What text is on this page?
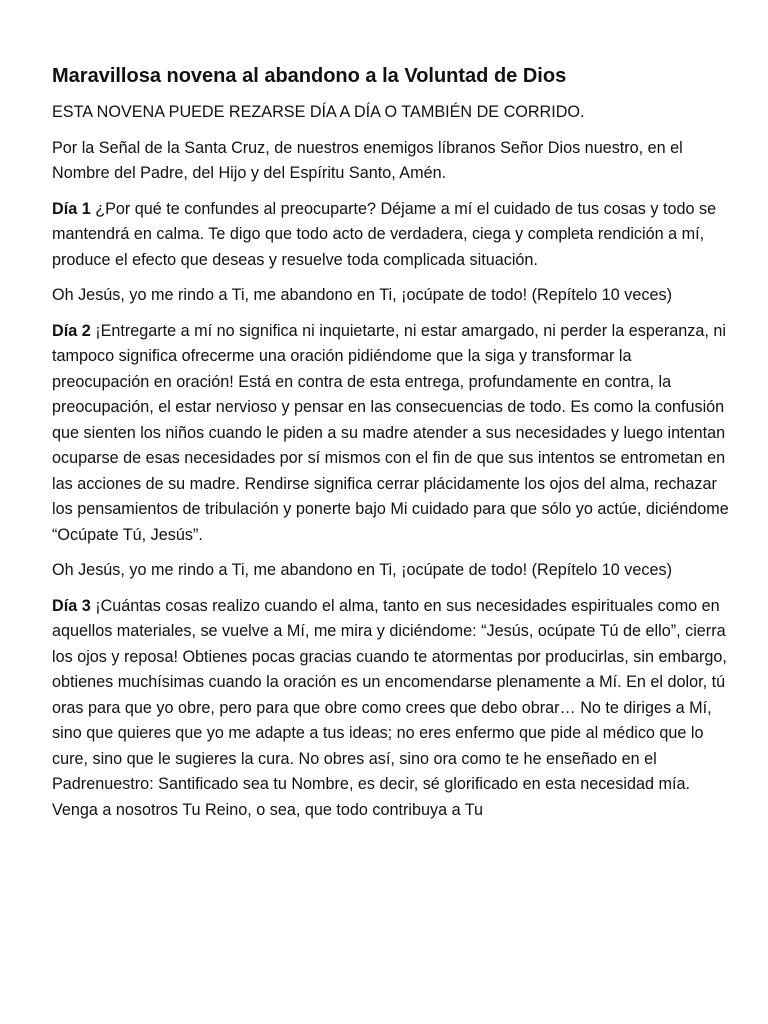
Maravillosa novena al abandono a la Voluntad de Dios

ESTA NOVENA PUEDE REZARSE DÍA A DÍA O TAMBIÉN DE CORRIDO.

Por la Señal de la Santa Cruz, de nuestros enemigos líbranos Señor Dios nuestro, en el Nombre del Padre, del Hijo y del Espíritu Santo, Amén.

Día 1 ¿Por qué te confundes al preocuparte? Déjame a mí el cuidado de tus cosas y todo se mantendrá en calma. Te digo que todo acto de verdadera, ciega y completa rendición a mí, produce el efecto que deseas y resuelve toda complicada situación.

Oh Jesús, yo me rindo a Ti, me abandono en Ti, ¡ocúpate de todo! (Repítelo 10 veces)

Día 2 ¡Entregarte a mí no significa ni inquietarte, ni estar amargado, ni perder la esperanza, ni tampoco significa ofrecerme una oración pidiéndome que la siga y transformar la preocupación en oración! Está en contra de esta entrega, profundamente en contra, la preocupación, el estar nervioso y pensar en las consecuencias de todo. Es como la confusión que sienten los niños cuando le piden a su madre atender a sus necesidades y luego intentan ocuparse de esas necesidades por sí mismos con el fin de que sus intentos se entrometan en las acciones de su madre. Rendirse significa cerrar plácidamente los ojos del alma, rechazar los pensamientos de tribulación y ponerte bajo Mi cuidado para que sólo yo actúe, diciéndome “Ocúpate Tú, Jesús”.

Oh Jesús, yo me rindo a Ti, me abandono en Ti, ¡ocúpate de todo! (Repítelo 10 veces)

Día 3 ¡Cuántas cosas realizo cuando el alma, tanto en sus necesidades espirituales como en aquellos materiales, se vuelve a Mí, me mira y diciéndome: “Jesús, ocúpate Tú de ello”, cierra los ojos y reposa! Obtienes pocas gracias cuando te atormentas por producirlas, sin embargo, obtienes muchísimas cuando la oración es un encomendarse plenamente a Mí. En el dolor, tú oras para que yo obre, pero para que obre como crees que debo obrar… No te diriges a Mí, sino que quieres que yo me adapte a tus ideas; no eres enfermo que pide al médico que lo cure, sino que le sugieres la cura. No obres así, sino ora como te he enseñado en el Padrenuestro: Santificado sea tu Nombre, es decir, sé glorificado en esta necesidad mía. Venga a nosotros Tu Reino, o sea, que todo contribuya a Tu
